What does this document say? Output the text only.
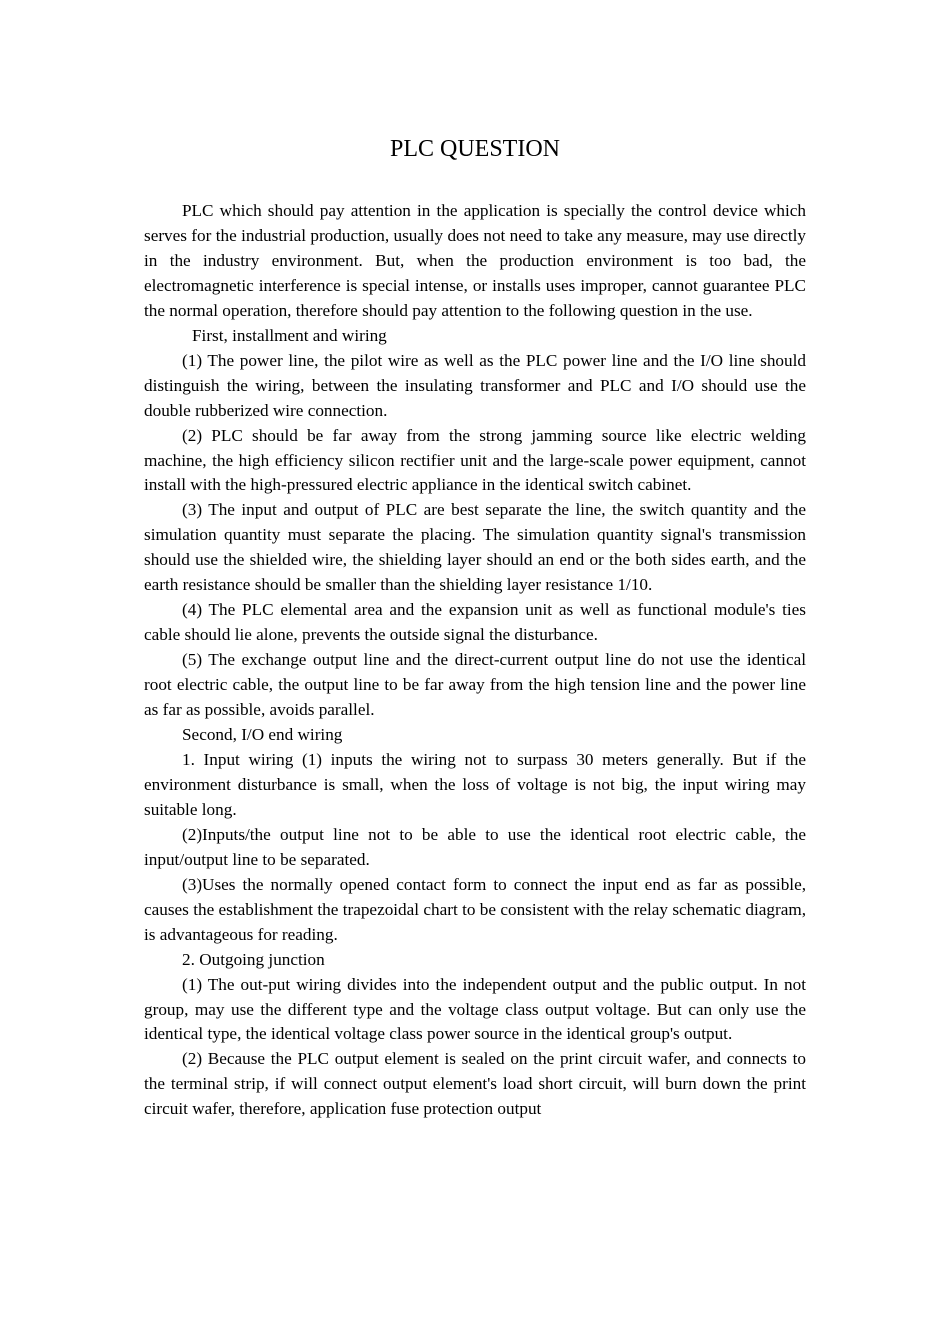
PLC QUESTION

PLC which should pay attention in the application is specially the control device which serves for the industrial production, usually does not need to take any measure, may use directly in the industry environment. But, when the production environment is too bad, the electromagnetic interference is special intense, or installs uses improper, cannot guarantee PLC the normal operation, therefore should pay attention to the following question in the use.

First, installment and wiring

(1) The power line, the pilot wire as well as the PLC power line and the I/O line should distinguish the wiring, between the insulating transformer and PLC and I/O should use the double rubberized wire connection.

(2) PLC should be far away from the strong jamming source like electric welding machine, the high efficiency silicon rectifier unit and the large-scale power equipment, cannot install with the high-pressured electric appliance in the identical switch cabinet.

(3) The input and output of PLC are best separate the line, the switch quantity and the simulation quantity must separate the placing. The simulation quantity signal's transmission should use the shielded wire, the shielding layer should an end or the both sides earth, and the earth resistance should be smaller than the shielding layer resistance 1/10.

(4) The PLC elemental area and the expansion unit as well as functional module's ties cable should lie alone, prevents the outside signal the disturbance.

(5) The exchange output line and the direct-current output line do not use the identical root electric cable, the output line to be far away from the high tension line and the power line as far as possible, avoids parallel.

Second, I/O end wiring

1. Input wiring (1) inputs the wiring not to surpass 30 meters generally. But if the environment disturbance is small, when the loss of voltage is not big, the input wiring may suitable long.

(2)Inputs/the output line not to be able to use the identical root electric cable, the input/output line to be separated.

(3)Uses the normally opened contact form to connect the input end as far as possible, causes the establishment the trapezoidal chart to be consistent with the relay schematic diagram, is advantageous for reading.

2. Outgoing junction

(1) The out-put wiring divides into the independent output and the public output. In not group, may use the different type and the voltage class output voltage. But can only use the identical type, the identical voltage class power source in the identical group's output.

(2) Because the PLC output element is sealed on the print circuit wafer, and connects to the terminal strip, if will connect output element's load short circuit, will burn down the print circuit wafer, therefore, application fuse protection output
